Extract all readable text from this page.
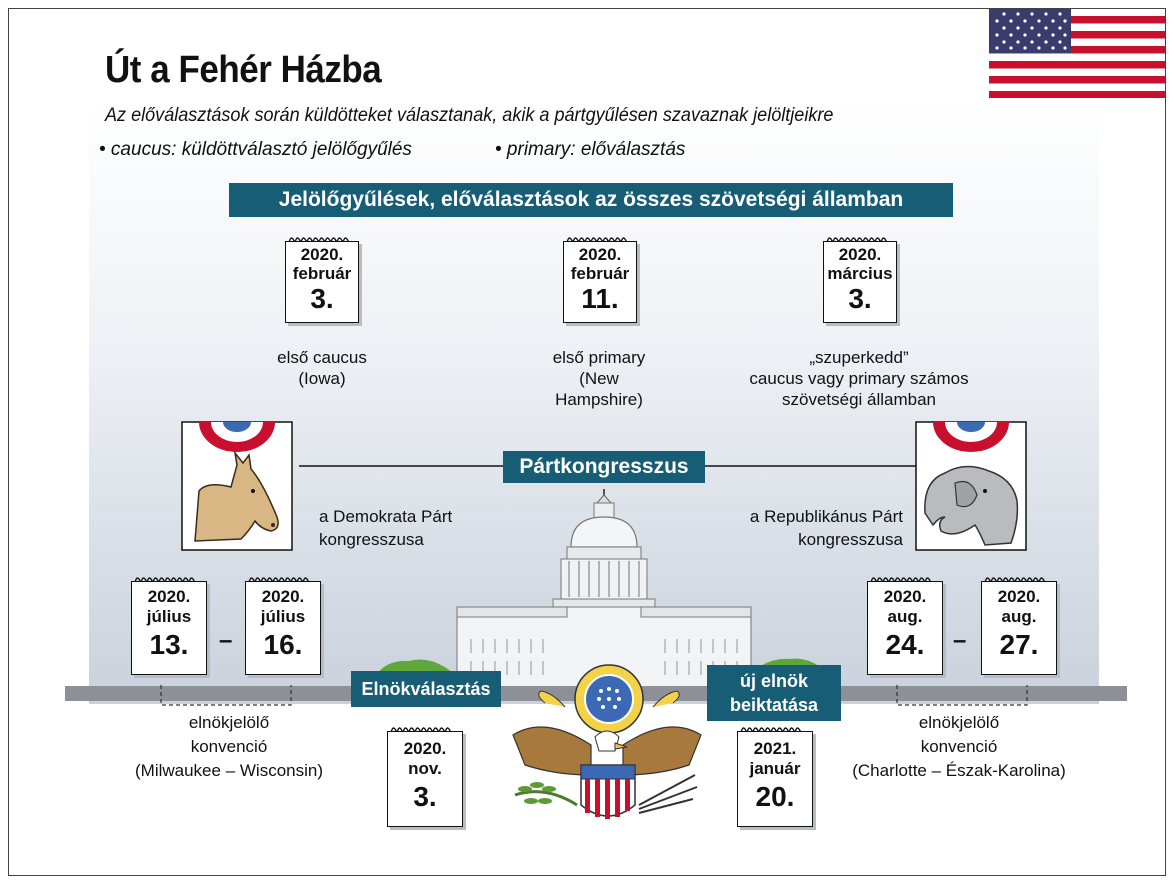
Út a Fehér Házba
Az előválasztások során küldötteket választanak, akik a pártgyűlésen szavaznak jelöltjeikre
• caucus: küldöttválasztó jelölőgyűlés	• primary: előválasztás
Jelölőgyűlések, előválasztások az összes szövetségi államban
2020.
február
3.
2020.
február
11.
2020.
március
3.
első caucus
(Iowa)
első primary
(New
Hampshire)
„szuperkedd”
caucus vagy primary számos
szövetségi államban
Pártkongresszus
a Demokrata Párt
kongresszusa
a Republikánus Párt
kongresszusa
2020.
július
13.	–
2020.
július
16.
elnökjelölő
konvenció
(Milwaukee – Wisconsin)
2020.
aug.
24.	–
2020.
aug.
27.
elnökjelölő
konvenció
(Charlotte – Észak-Karolina)
Elnökválasztás
2020.
nov.
3.
új elnök
beiktatása
2021.
január
20.
